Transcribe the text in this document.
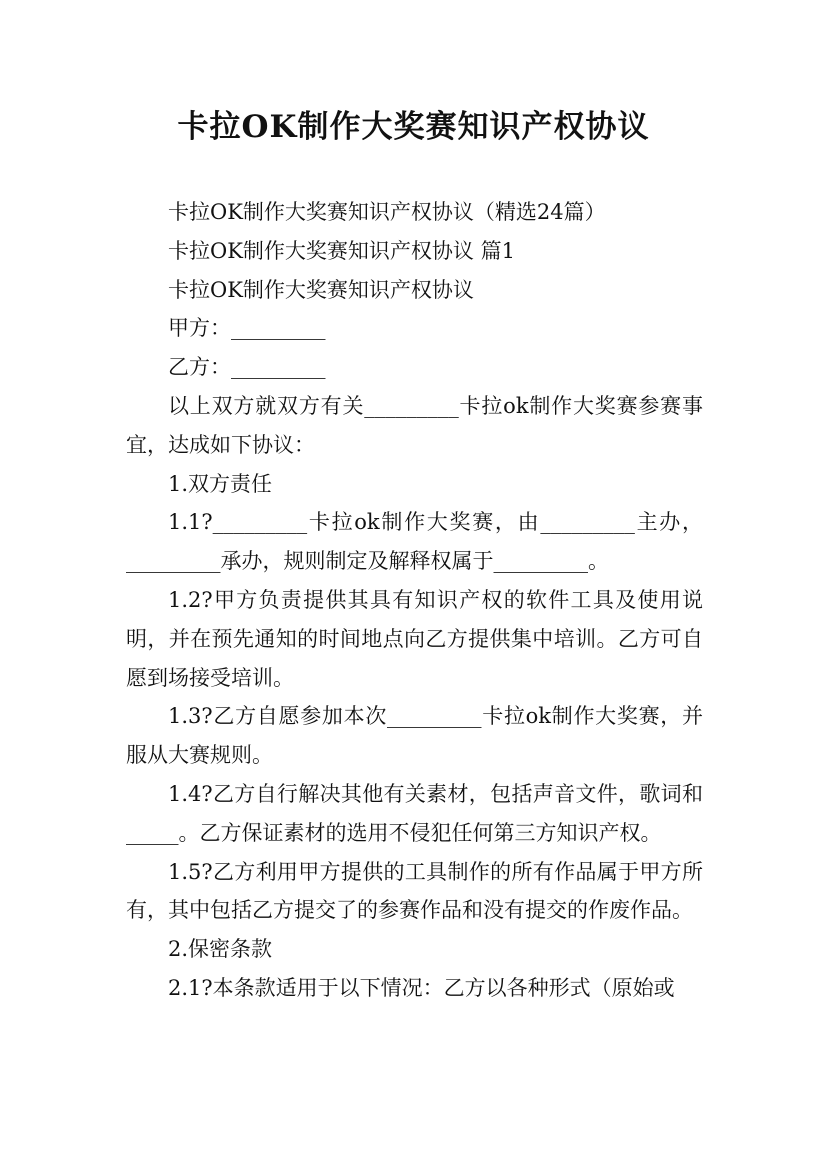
卡拉OK制作大奖赛知识产权协议

卡拉OK制作大奖赛知识产权协议（精选24篇）

卡拉OK制作大奖赛知识产权协议 篇1

卡拉OK制作大奖赛知识产权协议

甲方：_________

乙方：_________

以上双方就双方有关_________卡拉ok制作大奖赛参赛事宜，达成如下协议：

1.双方责任

1.1?_________卡拉ok制作大奖赛，由_________主办，_________承办，规则制定及解释权属于_________。

1.2?甲方负责提供其具有知识产权的软件工具及使用说明，并在预先通知的时间地点向乙方提供集中培训。乙方可自愿到场接受培训。

1.3?乙方自愿参加本次_________卡拉ok制作大奖赛，并服从大赛规则。

1.4?乙方自行解决其他有关素材，包括声音文件，歌词和_____。乙方保证素材的选用不侵犯任何第三方知识产权。

1.5?乙方利用甲方提供的工具制作的所有作品属于甲方所有，其中包括乙方提交了的参赛作品和没有提交的作废作品。

2.保密条款

2.1?本条款适用于以下情况：乙方以各种形式（原始或
